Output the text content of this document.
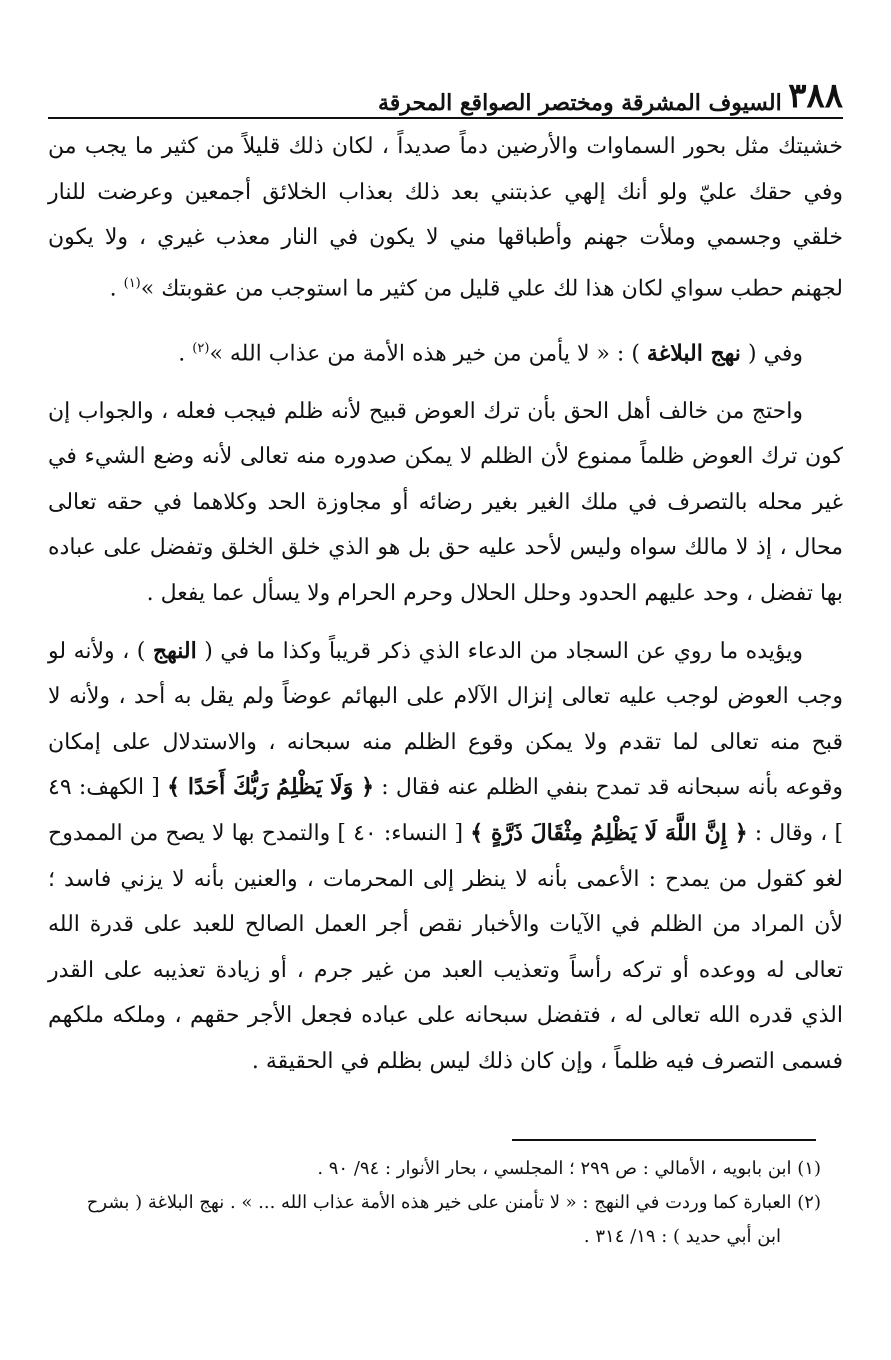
٣٨٨
السيوف المشرقة ومختصر الصواقع المحرقة

خشيتك مثل بحور السماوات والأرضين دماً صديداً ، لكان ذلك قليلاً من كثير ما يجب من وفي حقك عليّ ولو أنك إلهي عذبتني بعد ذلك بعذاب الخلائق أجمعين وعرضت للنار خلقي وجسمي وملأت جهنم وأطباقها مني لا يكون في النار معذب غيري ، ولا يكون لجهنم حطب سواي لكان هذا لك علي قليل من كثير ما استوجب من عقوبتك »$^{(١)}$ .

وفي ( نهج البلاغة ) : « لا يأمن من خير هذه الأمة من عذاب الله »$^{(٢)}$ .

واحتج من خالف أهل الحق بأن ترك العوض قبيح لأنه ظلم فيجب فعله ، والجواب إن كون ترك العوض ظلماً ممنوع لأن الظلم لا يمكن صدوره منه تعالى لأنه وضع الشيء في غير محله بالتصرف في ملك الغير بغير رضائه أو مجاوزة الحد وكلاهما في حقه تعالى محال ، إذ لا مالك سواه وليس لأحد عليه حق بل هو الذي خلق الخلق وتفضل على عباده بها تفضل ، وحد عليهم الحدود وحلل الحلال وحرم الحرام ولا يسأل عما يفعل .

ويؤيده ما روي عن السجاد من الدعاء الذي ذكر قريباً وكذا ما في ( النهج ) ، ولأنه لو وجب العوض لوجب عليه تعالى إنزال الآلام على البهائم عوضاً ولم يقل به أحد ، ولأنه لا قبح منه تعالى لما تقدم ولا يمكن وقوع الظلم منه سبحانه ، والاستدلال على إمكان وقوعه بأنه سبحانه قد تمدح بنفي الظلم عنه فقال : ﴿ وَلَا يَظْلِمُ رَبُّكَ أَحَدًا ﴾ [ الكهف: ٤٩ ] ، وقال : ﴿ إِنَّ اللَّهَ لَا يَظْلِمُ مِثْقَالَ ذَرَّةٍ ﴾ [ النساء: ٤٠ ] والتمدح بها لا يصح من الممدوح لغو كقول من يمدح : الأعمى بأنه لا ينظر إلى المحرمات ، والعنين بأنه لا يزني فاسد ؛ لأن المراد من الظلم في الآيات والأخبار نقص أجر العمل الصالح للعبد على قدرة الله تعالى له ووعده أو تركه رأساً وتعذيب العبد من غير جرم ، أو زيادة تعذيبه على القدر الذي قدره الله تعالى له ، فتفضل سبحانه على عباده فجعل الأجر حقهم ، وملكه ملكهم فسمى التصرف فيه ظلماً ، وإن كان ذلك ليس بظلم في الحقيقة .

(١) ابن بابويه ، الأمالي : ص ٢٩٩ ؛ المجلسي ، بحار الأنوار : ٩٤/ ٩٠ .

(٢) العبارة كما وردت في النهج : « لا تأمنن على خير هذه الأمة عذاب الله ... » . نهج البلاغة ( بشرح

ابن أبي حديد ) : ١٩/ ٣١٤ .
